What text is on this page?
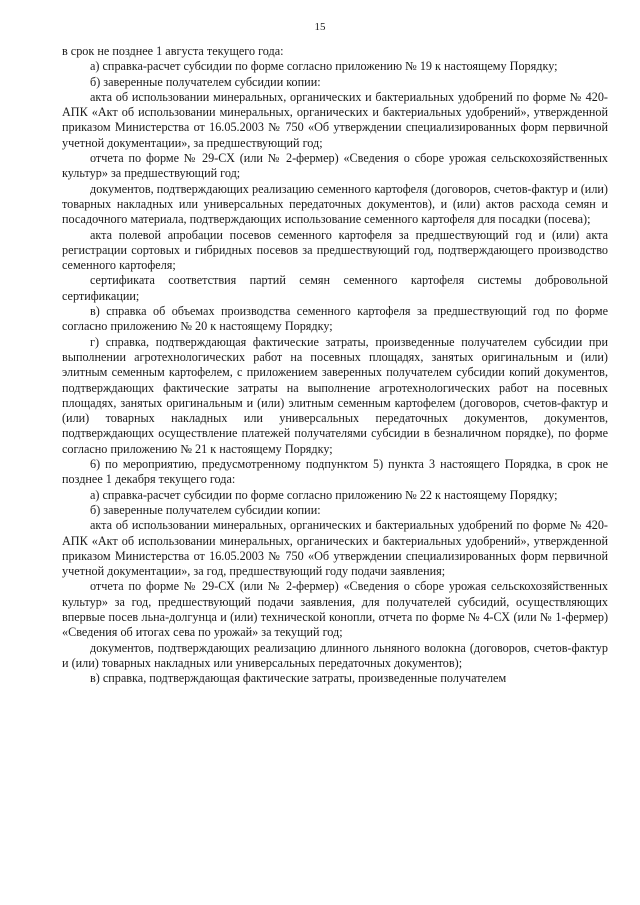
15

в срок не позднее 1 августа текущего года:

а) справка-расчет субсидии по форме согласно приложению № 19 к настоящему Порядку;

б) заверенные получателем субсидии копии:

акта об использовании минеральных, органических и бактериальных удобрений по форме № 420-АПК «Акт об использовании минеральных, органических и бактериальных удобрений», утвержденной приказом Министерства от 16.05.2003 № 750 «Об утверждении специализированных форм первичной учетной документации», за предшествующий год;

отчета по форме № 29-СХ (или № 2-фермер) «Сведения о сборе урожая сельскохозяйственных культур» за предшествующий год;

документов, подтверждающих реализацию семенного картофеля (договоров, счетов-фактур и (или) товарных накладных или универсальных передаточных документов), и (или) актов расхода семян и посадочного материала, подтверждающих использование семенного картофеля для посадки (посева);

акта полевой апробации посевов семенного картофеля за предшествующий год и (или) акта регистрации сортовых и гибридных посевов за предшествующий год, подтверждающего производство семенного картофеля;

сертификата соответствия партий семян семенного картофеля системы добровольной сертификации;

в) справка об объемах производства семенного картофеля за предшествующий год по форме согласно приложению № 20 к настоящему Порядку;

г) справка, подтверждающая фактические затраты, произведенные получателем субсидии при выполнении агротехнологических работ на посевных площадях, занятых оригинальным и (или) элитным семенным картофелем, с приложением заверенных получателем субсидии копий документов, подтверждающих фактические затраты на выполнение агротехнологических работ на посевных площадях, занятых оригинальным и (или) элитным семенным картофелем (договоров, счетов-фактур и (или) товарных накладных или универсальных передаточных документов, документов, подтверждающих осуществление платежей получателями субсидии в безналичном порядке), по форме согласно приложению № 21 к настоящему Порядку;

6) по мероприятию, предусмотренному подпунктом 5) пункта 3 настоящего Порядка, в срок не позднее 1 декабря текущего года:

а) справка-расчет субсидии по форме согласно приложению № 22 к настоящему Порядку;

б) заверенные получателем субсидии копии:

акта об использовании минеральных, органических и бактериальных удобрений по форме № 420-АПК «Акт об использовании минеральных, органических и бактериальных удобрений», утвержденной приказом Министерства от 16.05.2003 № 750 «Об утверждении специализированных форм первичной учетной документации», за год, предшествующий году подачи заявления;

отчета по форме № 29-СХ (или № 2-фермер) «Сведения о сборе урожая сельскохозяйственных культур» за год, предшествующий подачи заявления, для получателей субсидий, осуществляющих впервые посев льна-долгунца и (или) технической конопли, отчета по форме № 4-СХ (или № 1-фермер) «Сведения об итогах сева по урожай» за текущий год;

документов, подтверждающих реализацию длинного льняного волокна (договоров, счетов-фактур и (или) товарных накладных или универсальных передаточных документов);

в) справка, подтверждающая фактические затраты, произведенные получателем
